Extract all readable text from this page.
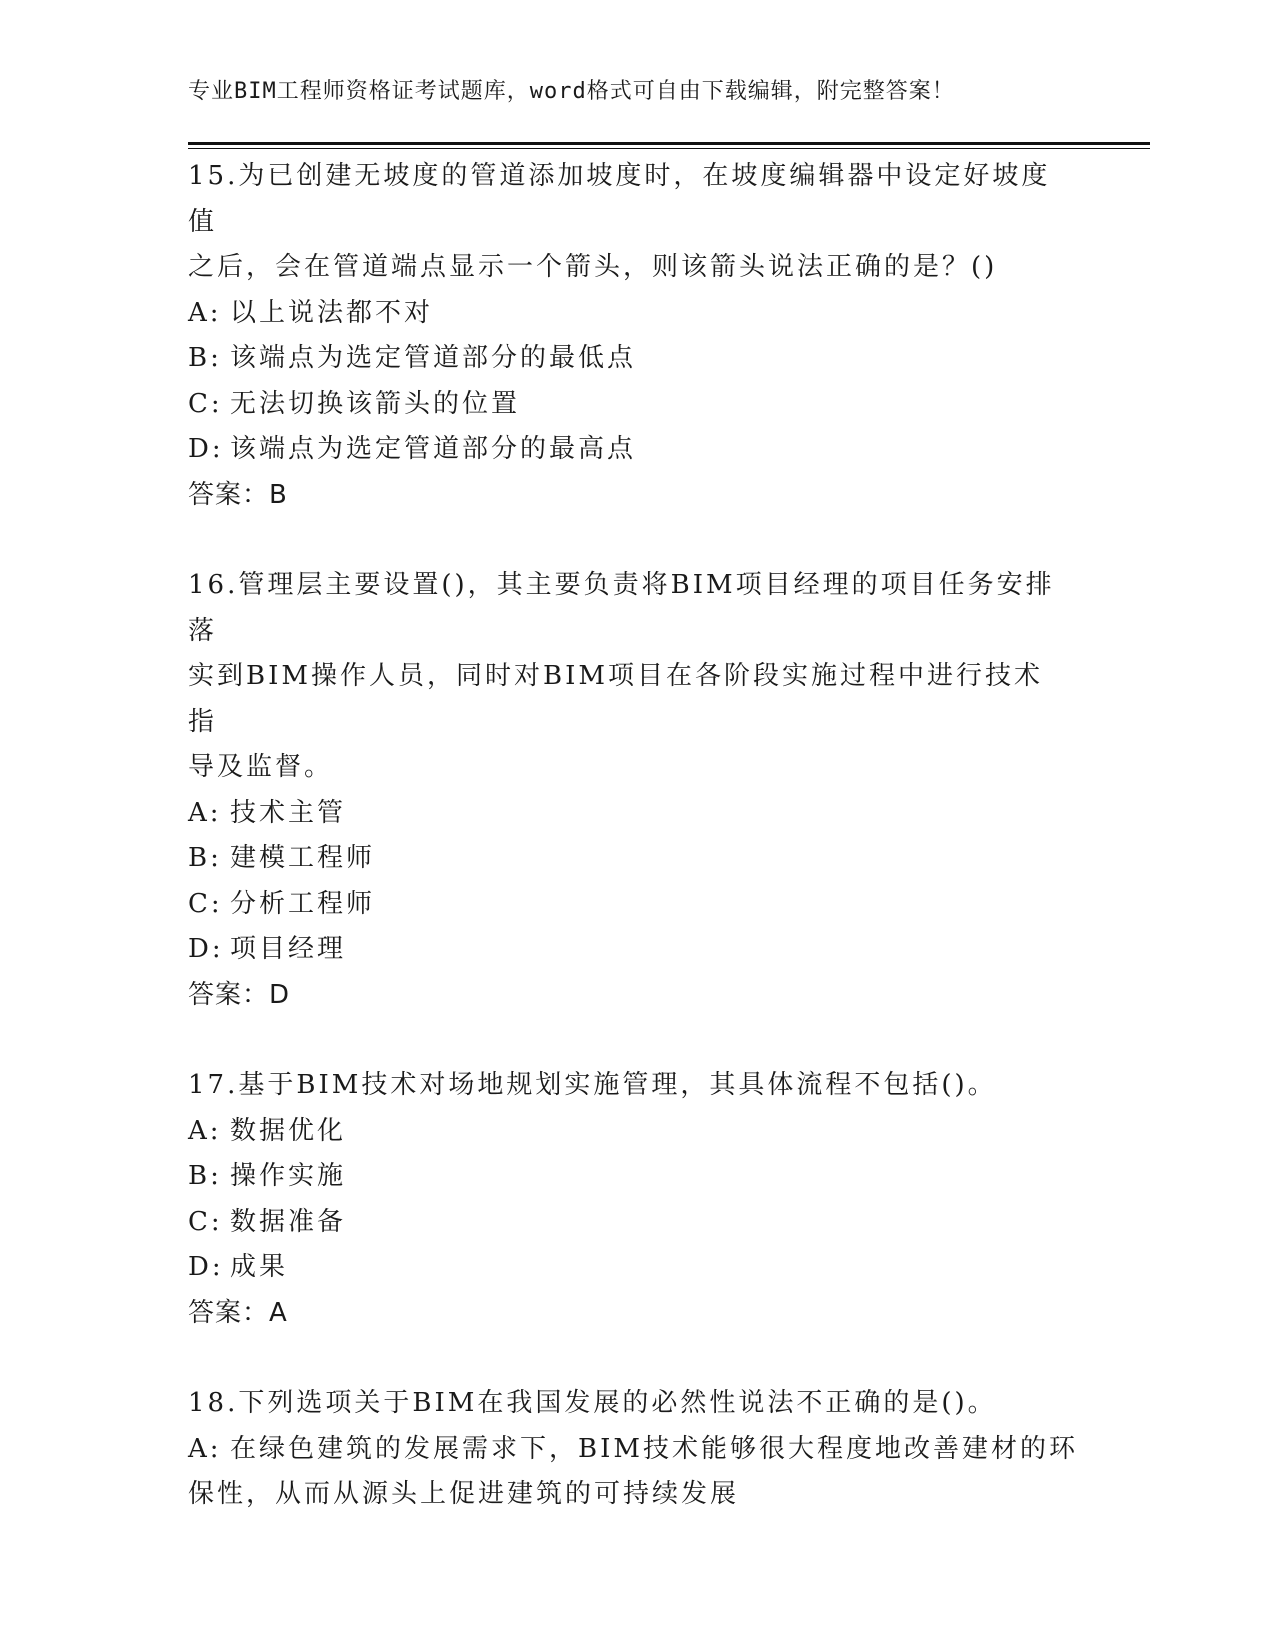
专业BIM工程师资格证考试题库，word格式可自由下载编辑，附完整答案！

15.为已创建无坡度的管道添加坡度时，在坡度编辑器中设定好坡度值

之后，会在管道端点显示一个箭头，则该箭头说法正确的是？()

A: 以上说法都不对

B: 该端点为选定管道部分的最低点

C: 无法切换该箭头的位置

D: 该端点为选定管道部分的最高点

答案：B

16.管理层主要设置()，其主要负责将BIM项目经理的项目任务安排落

实到BIM操作人员，同时对BIM项目在各阶段实施过程中进行技术指

导及监督。

A: 技术主管

B: 建模工程师

C: 分析工程师

D: 项目经理

答案：D

17.基于BIM技术对场地规划实施管理，其具体流程不包括()。

A: 数据优化

B: 操作实施

C: 数据准备

D: 成果

答案：A

18.下列选项关于BIM在我国发展的必然性说法不正确的是()。

A: 在绿色建筑的发展需求下，BIM技术能够很大程度地改善建材的环

保性，从而从源头上促进建筑的可持续发展
